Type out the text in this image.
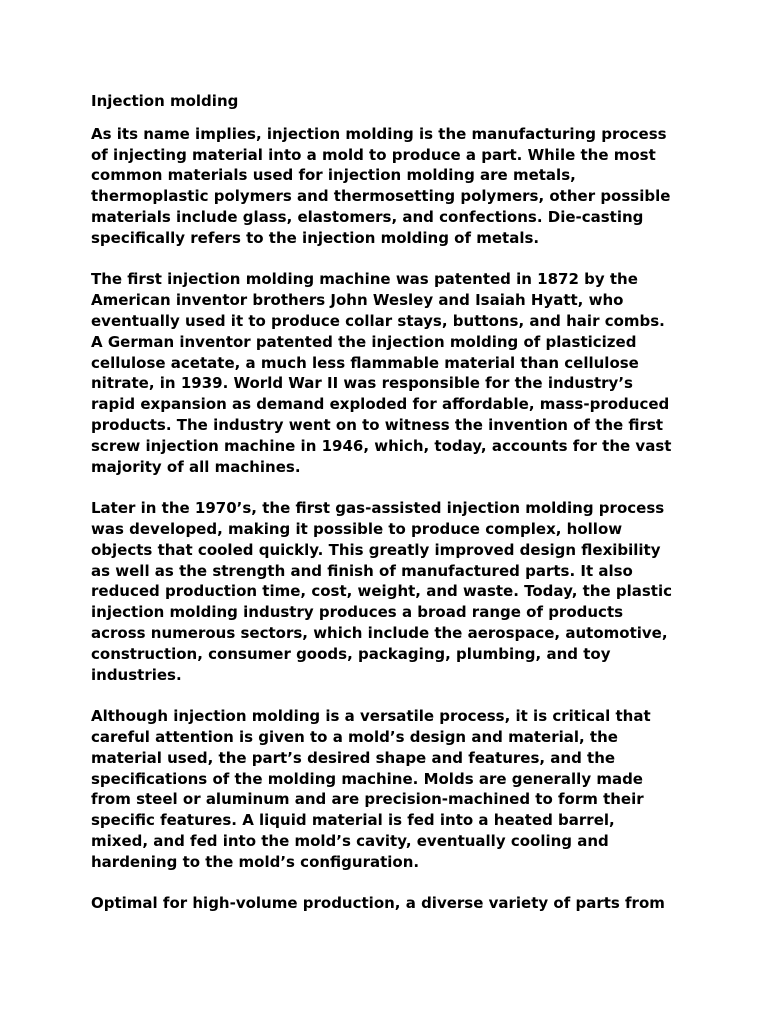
Injection molding

As its name implies, injection molding is the manufacturing process
of injecting material into a mold to produce a part. While the most
common materials used for injection molding are metals,
thermoplastic polymers and thermosetting polymers, other possible
materials include glass, elastomers, and confections. Die-casting
specifically refers to the injection molding of metals.

The first injection molding machine was patented in 1872 by the
American inventor brothers John Wesley and Isaiah Hyatt, who
eventually used it to produce collar stays, buttons, and hair combs.
A German inventor patented the injection molding of plasticized
cellulose acetate, a much less flammable material than cellulose
nitrate, in 1939. World War II was responsible for the industry’s
rapid expansion as demand exploded for affordable, mass-produced
products. The industry went on to witness the invention of the first
screw injection machine in 1946, which, today, accounts for the vast
majority of all machines.

Later in the 1970’s, the first gas-assisted injection molding process
was developed, making it possible to produce complex, hollow
objects that cooled quickly. This greatly improved design flexibility
as well as the strength and finish of manufactured parts. It also
reduced production time, cost, weight, and waste. Today, the plastic
injection molding industry produces a broad range of products
across numerous sectors, which include the aerospace, automotive,
construction, consumer goods, packaging, plumbing, and toy
industries.

Although injection molding is a versatile process, it is critical that
careful attention is given to a mold’s design and material, the
material used, the part’s desired shape and features, and the
specifications of the molding machine. Molds are generally made
from steel or aluminum and are precision-machined to form their
specific features. A liquid material is fed into a heated barrel,
mixed, and fed into the mold’s cavity, eventually cooling and
hardening to the mold’s configuration.

Optimal for high-volume production, a diverse variety of parts from
